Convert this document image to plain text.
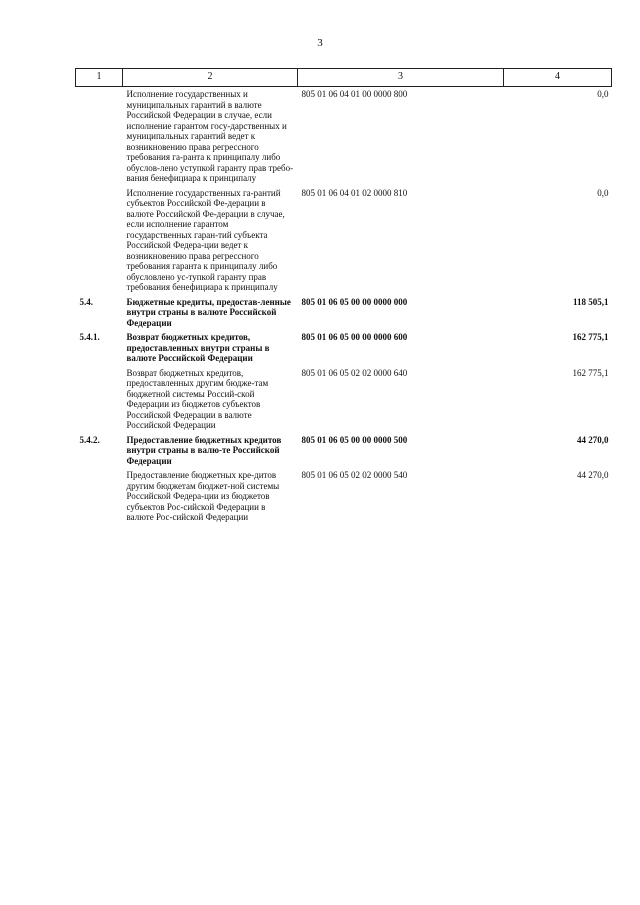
3
1	2	3	4
	Исполнение государственных и муниципальных гарантий в валюте Российской Федерации в случае, если исполнение гарантом госу-дарственных и муниципальных гарантий ведет к возникновению права регрессного требования га-ранта к принципалу либо обуслов-лено уступкой гаранту прав требо-вания бенефициара к принципалу	805 01 06 04 01 00 0000 800	0,0
	Исполнение государственных га-рантий субъектов Российской Фе-дерации в валюте Российской Фе-дерации в случае, если исполнение гарантом государственных гаран-тий субъекта Российской Федера-ции ведет к возникновению права регрессного требования гаранта к принципалу либо обусловлено ус-тупкой гаранту прав требования бенефициара к принципалу	805 01 06 04 01 02 0000 810	0,0
5.4.	Бюджетные кредиты, предостав-ленные внутри страны в валюте Российской Федерации	805 01 06 05 00 00 0000 000	118 505,1
5.4.1.	Возврат бюджетных кредитов, предоставленных внутри страны в валюте Российской Федерации	805 01 06 05 00 00 0000 600	162 775,1
	Возврат бюджетных кредитов, предоставленных другим бюдже-там бюджетной системы Россий-ской Федерации из бюджетов субъектов Российской Федерации в валюте Российской Федерации	805 01 06 05 02 02 0000 640	162 775,1
5.4.2.	Предоставление бюджетных кредитов внутри страны в валю-те Российской Федерации	805 01 06 05 00 00 0000 500	44 270,0
	Предоставление бюджетных кре-дитов другим бюджетам бюджет-ной системы Российской Федера-ции из бюджетов субъектов Рос-сийской Федерации в валюте Рос-сийской Федерации	805 01 06 05 02 02 0000 540	44 270,0
